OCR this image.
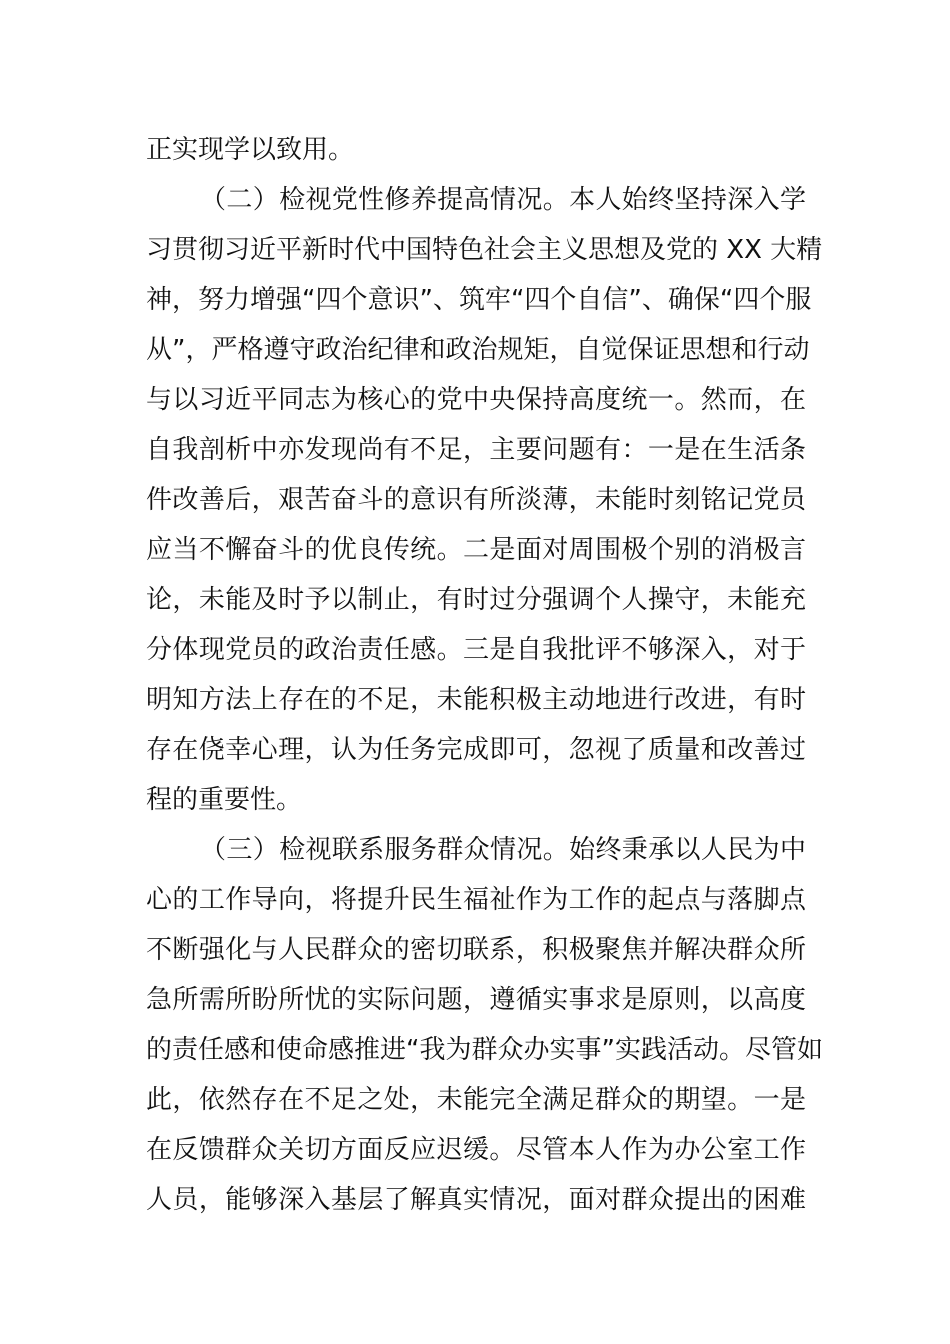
正实现学以致用。
（二）检视党性修养提高情况。本人始终坚持深入学
习贯彻习近平新时代中国特色社会主义思想及党的 XX 大精
神，努力增强“四个意识”、筑牢“四个自信”、确保“四个服
从”，严格遵守政治纪律和政治规矩，自觉保证思想和行动
与以习近平同志为核心的党中央保持高度统一。然而，在
自我剖析中亦发现尚有不足，主要问题有：一是在生活条
件改善后，艰苦奋斗的意识有所淡薄，未能时刻铭记党员
应当不懈奋斗的优良传统。二是面对周围极个别的消极言
论，未能及时予以制止，有时过分强调个人操守，未能充
分体现党员的政治责任感。三是自我批评不够深入，对于
明知方法上存在的不足，未能积极主动地进行改进，有时
存在侥幸心理，认为任务完成即可，忽视了质量和改善过
程的重要性。
（三）检视联系服务群众情况。始终秉承以人民为中
心的工作导向，将提升民生福祉作为工作的起点与落脚点
不断强化与人民群众的密切联系，积极聚焦并解决群众所
急所需所盼所忧的实际问题，遵循实事求是原则，以高度
的责任感和使命感推进“我为群众办实事”实践活动。尽管如
此，依然存在不足之处，未能完全满足群众的期望。一是
在反馈群众关切方面反应迟缓。尽管本人作为办公室工作
人员，能够深入基层了解真实情况，面对群众提出的困难
